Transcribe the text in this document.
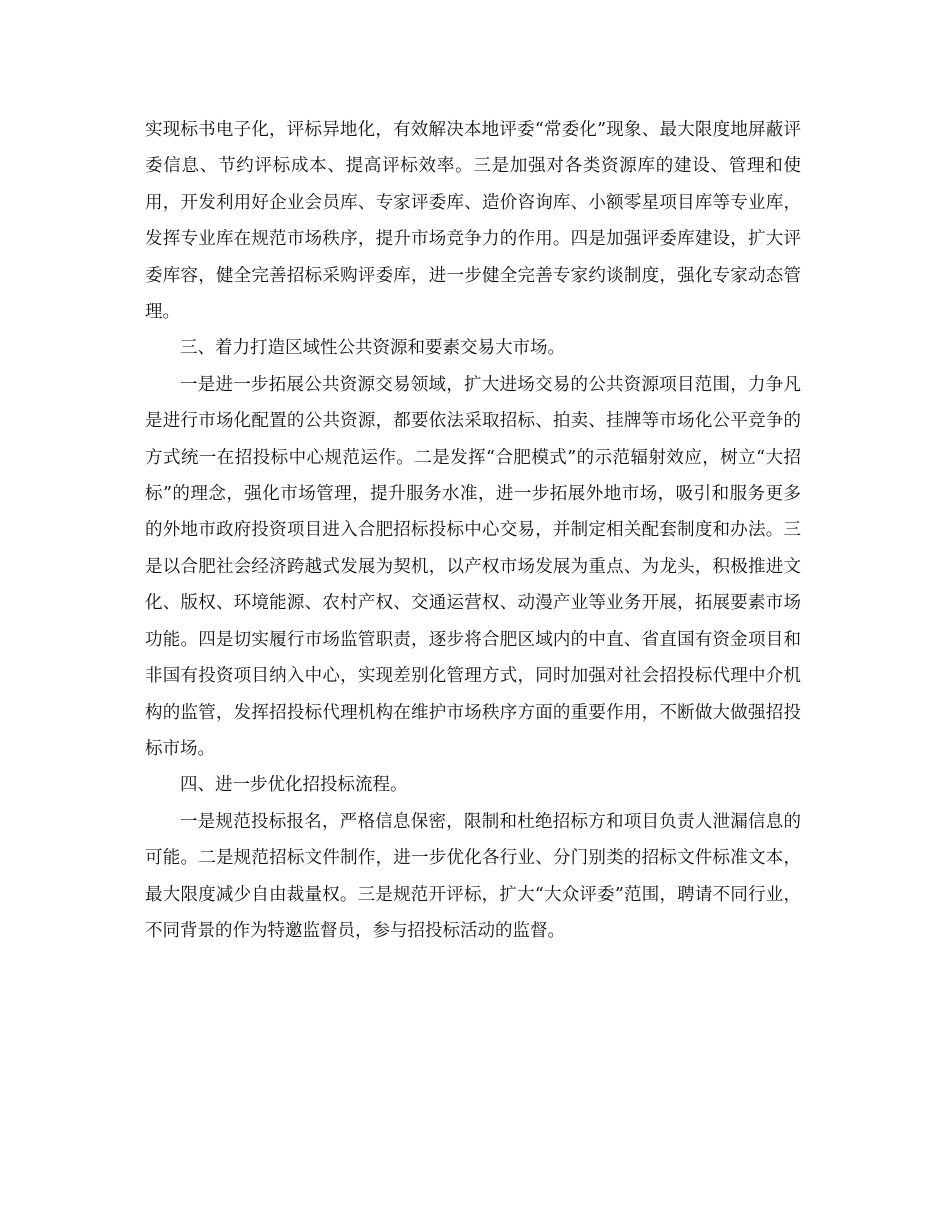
实现标书电子化，评标异地化，有效解决本地评委“常委化”现象、最大限度地屏蔽评委信息、节约评标成本、提高评标效率。三是加强对各类资源库的建设、管理和使用，开发利用好企业会员库、专家评委库、造价咨询库、小额零星项目库等专业库，发挥专业库在规范市场秩序，提升市场竞争力的作用。四是加强评委库建设，扩大评委库容，健全完善招标采购评委库，进一步健全完善专家约谈制度，强化专家动态管理。

三、着力打造区域性公共资源和要素交易大市场。

一是进一步拓展公共资源交易领域，扩大进场交易的公共资源项目范围，力争凡是进行市场化配置的公共资源，都要依法采取招标、拍卖、挂牌等市场化公平竞争的方式统一在招投标中心规范运作。二是发挥“合肥模式”的示范辐射效应，树立“大招标”的理念，强化市场管理，提升服务水准，进一步拓展外地市场，吸引和服务更多的外地市政府投资项目进入合肥招标投标中心交易，并制定相关配套制度和办法。三是以合肥社会经济跨越式发展为契机，以产权市场发展为重点、为龙头，积极推进文化、版权、环境能源、农村产权、交通运营权、动漫产业等业务开展，拓展要素市场功能。四是切实履行市场监管职责，逐步将合肥区域内的中直、省直国有资金项目和非国有投资项目纳入中心，实现差别化管理方式，同时加强对社会招投标代理中介机构的监管，发挥招投标代理机构在维护市场秩序方面的重要作用，不断做大做强招投标市场。

四、进一步优化招投标流程。

一是规范投标报名，严格信息保密，限制和杜绝招标方和项目负责人泄漏信息的可能。二是规范招标文件制作，进一步优化各行业、分门别类的招标文件标准文本，最大限度减少自由裁量权。三是规范开评标，扩大“大众评委”范围，聘请不同行业，不同背景的作为特邀监督员，参与招投标活动的监督。
